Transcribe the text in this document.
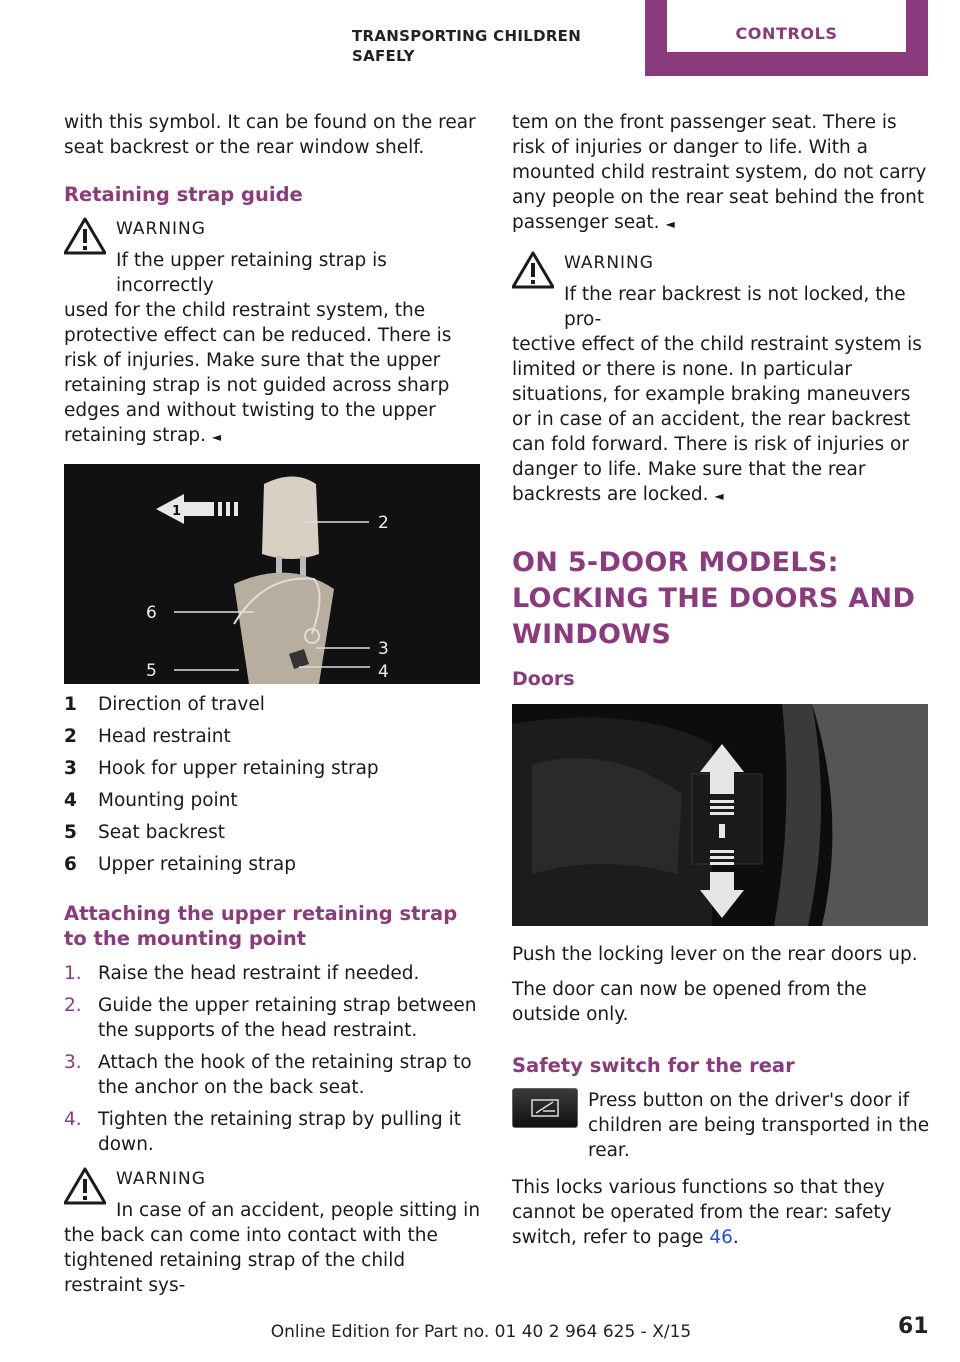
TRANSPORTING CHILDREN SAFELY
CONTROLS

with this symbol. It can be found on the rear seat backrest or the rear window shelf.

Retaining strap guide
WARNING
If the upper retaining strap is incorrectly
used for the child restraint system, the protective effect can be reduced. There is risk of injuries. Make sure that the upper retaining strap is not guided across sharp edges and without twisting to the upper retaining strap. ◄
1
2
6
3
5	4
1	Direction of travel
2	Head restraint
3	Hook for upper retaining strap
4	Mounting point
5	Seat backrest
6	Upper retaining strap
Attaching the upper retaining strap to the mounting point
1. Raise the head restraint if needed.
2. Guide the upper retaining strap between the supports of the head restraint.
3. Attach the hook of the retaining strap to the anchor on the back seat.
4. Tighten the retaining strap by pulling it down.
WARNING
In case of an accident, people sitting in
the back can come into contact with the tightened retaining strap of the child restraint sys-

tem on the front passenger seat. There is risk of injuries or danger to life. With a mounted child restraint system, do not carry any people on the rear seat behind the front passenger seat. ◄

WARNING
If the rear backrest is not locked, the pro-
tective effect of the child restraint system is limited or there is none. In particular situations, for example braking maneuvers or in case of an accident, the rear backrest can fold forward. There is risk of injuries or danger to life. Make sure that the rear backrests are locked. ◄
ON 5-DOOR MODELS: LOCKING THE DOORS AND WINDOWS
Doors

Push the locking lever on the rear doors up.

The door can now be opened from the outside only.

Safety switch for the rear
Press button on the driver's door if children are being transported in the rear.

This locks various functions so that they cannot be operated from the rear: safety switch, refer to page 46.

Online Edition for Part no. 01 40 2 964 625 - X/15	61
